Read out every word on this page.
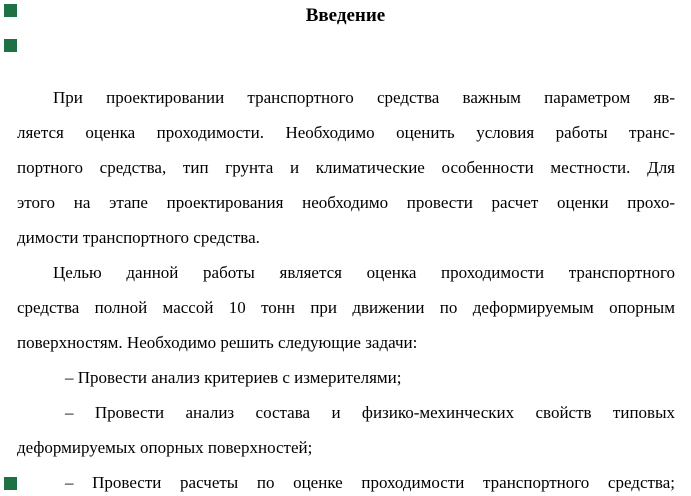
Введение
При проектировании транспортного средства важным параметром яв-
ляется оценка проходимости. Необходимо оценить условия работы транс-
портного средства, тип грунта и климатические особенности местности. Для
этого на этапе проектирования необходимо провести расчет оценки прохо-
димости транспортного средства.
Целью данной работы является оценка проходимости транспортного
средства полной массой 10 тонн при движении по деформируемым опорным
поверхностям. Необходимо решить следующие задачи:
– Провести анализ критериев с измерителями;
– Провести анализ состава и физико-мехинческих свойств типовых
деформируемых опорных поверхностей;
– Провести расчеты по оценке проходимости транспортного средства;
